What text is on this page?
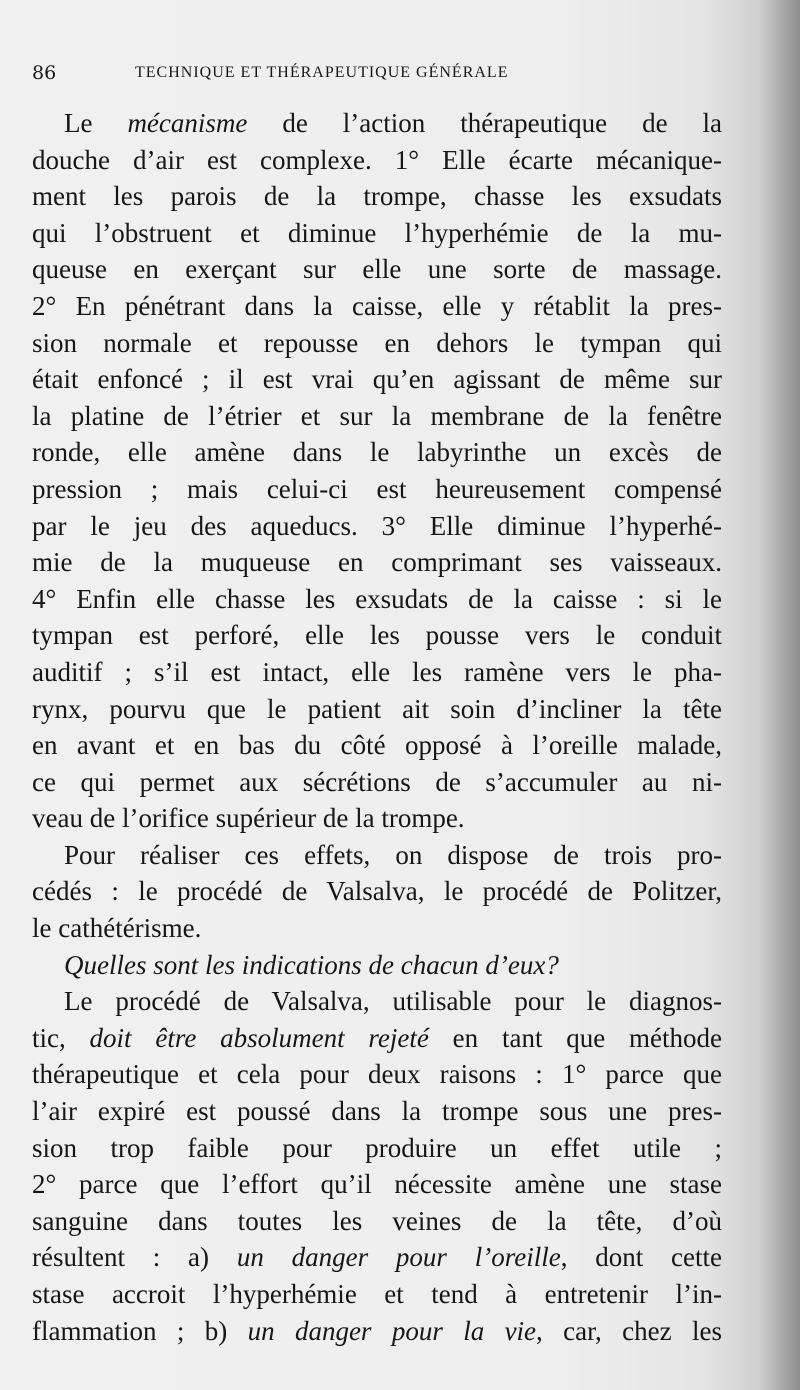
86	TECHNIQUE ET THÉRAPEUTIQUE GÉNÉRALE
Le mécanisme de l’action thérapeutique de la
douche d’air est complexe. 1° Elle écarte mécanique-
ment les parois de la trompe, chasse les exsudats
qui l’obstruent et diminue l’hyperhémie de la mu-
queuse en exerçant sur elle une sorte de massage.
2° En pénétrant dans la caisse, elle y rétablit la pres-
sion normale et repousse en dehors le tympan qui
était enfoncé ; il est vrai qu’en agissant de même sur
la platine de l’étrier et sur la membrane de la fenêtre
ronde, elle amène dans le labyrinthe un excès de
pression ; mais celui-ci est heureusement compensé
par le jeu des aqueducs. 3° Elle diminue l’hyperhé-
mie de la muqueuse en comprimant ses vaisseaux.
4° Enfin elle chasse les exsudats de la caisse : si le
tympan est perforé, elle les pousse vers le conduit
auditif ; s’il est intact, elle les ramène vers le pha-
rynx, pourvu que le patient ait soin d’incliner la tête
en avant et en bas du côté opposé à l’oreille malade,
ce qui permet aux sécrétions de s’accumuler au ni-
veau de l’orifice supérieur de la trompe.
Pour réaliser ces effets, on dispose de trois pro-
cédés : le procédé de Valsalva, le procédé de Politzer,
le cathétérisme.
Quelles sont les indications de chacun d’eux?
Le procédé de Valsalva, utilisable pour le diagnos-
tic, doit être absolument rejeté en tant que méthode
thérapeutique et cela pour deux raisons : 1° parce que
l’air expiré est poussé dans la trompe sous une pres-
sion trop faible pour produire un effet utile ;
2° parce que l’effort qu’il nécessite amène une stase
sanguine dans toutes les veines de la tête, d’où
résultent : a) un danger pour l’oreille, dont cette
stase accroit l’hyperhémie et tend à entretenir l’in-
flammation ; b) un danger pour la vie, car, chez les
